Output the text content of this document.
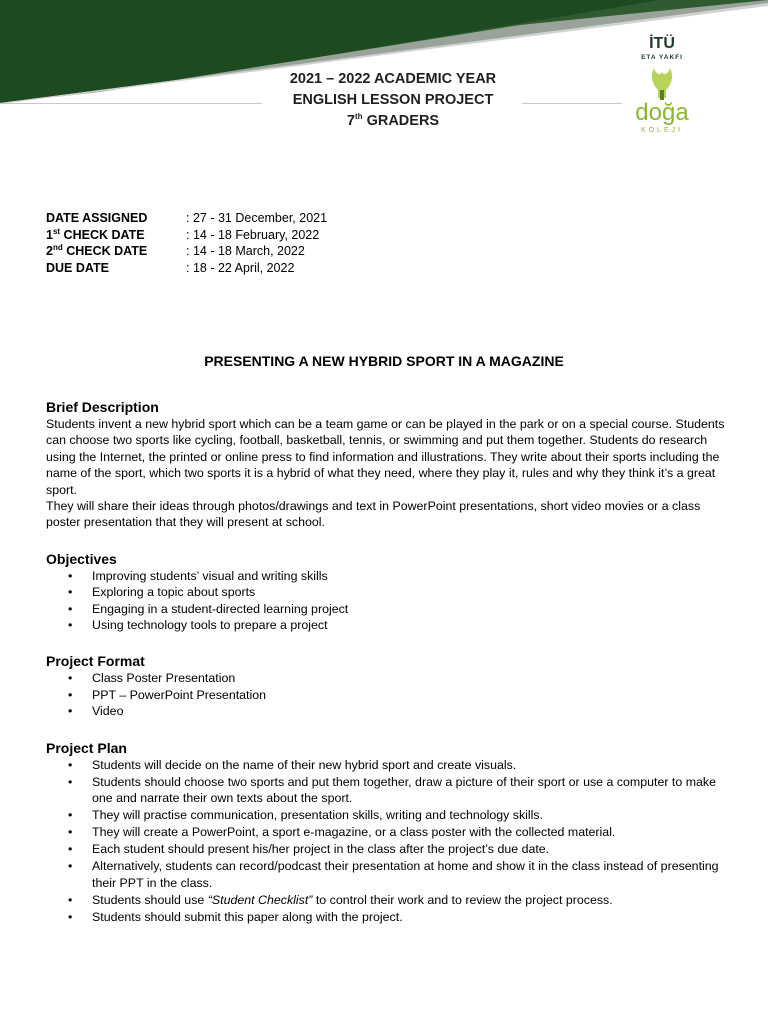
2021 – 2022 ACADEMIC YEAR
ENGLISH LESSON PROJECT
7th GRADERS
İTÜ
ETA YAKFI
doğa
KOLEJİ
DATE ASSIGNED	: 27 - 31 December, 2021
1st CHECK DATE	: 14 - 18 February, 2022
2nd CHECK DATE	: 14 - 18 March, 2022
DUE DATE	: 18 - 22 April, 2022
PRESENTING A NEW HYBRID SPORT IN A MAGAZINE
Brief Description

Students invent a new hybrid sport which can be a team game or can be played in the park or on a special course. Students can choose two sports like cycling, football, basketball, tennis, or swimming and put them together. Students do research using the Internet, the printed or online press to find information and illustrations. They write about their sports including the name of the sport, which two sports it is a hybrid of what they need, where they play it, rules and why they think it’s a great sport.

They will share their ideas through photos/drawings and text in PowerPoint presentations, short video movies or a class poster presentation that they will present at school.

Objectives
• Improving students’ visual and writing skills
• Exploring a topic about sports
• Engaging in a student-directed learning project
• Using technology tools to prepare a project
Project Format
• Class Poster Presentation
• PPT – PowerPoint Presentation
• Video
Project Plan
• Students will decide on the name of their new hybrid sport and create visuals.
• Students should choose two sports and put them together, draw a picture of their sport or use a computer to make one and narrate their own texts about the sport.
• They will practise communication, presentation skills, writing and technology skills.
• They will create a PowerPoint, a sport e-magazine, or a class poster with the collected material.
• Each student should present his/her project in the class after the project’s due date.
• Alternatively, students can record/podcast their presentation at home and show it in the class instead of presenting their PPT in the class.
• Students should use “Student Checklist” to control their work and to review the project process.
• Students should submit this paper along with the project.
